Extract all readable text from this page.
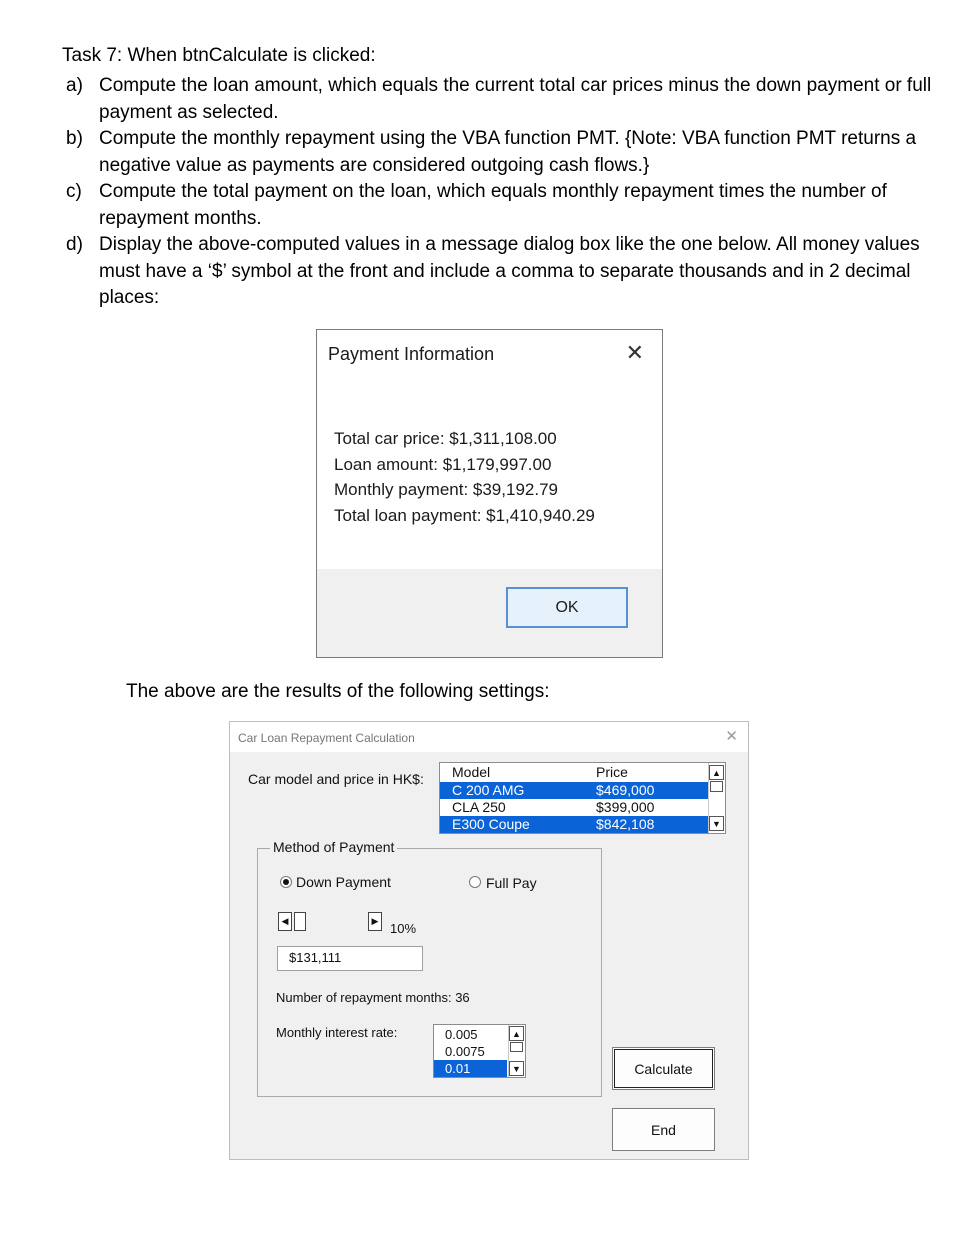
Task 7: When btnCalculate is clicked:
a) Compute the loan amount, which equals the current total car prices minus the down payment or full payment as selected.
b) Compute the monthly repayment using the VBA function PMT. {Note: VBA function PMT returns a negative value as payments are considered outgoing cash flows.}
c) Compute the total payment on the loan, which equals monthly repayment times the number of repayment months.
d) Display the above-computed values in a message dialog box like the one below. All money values must have a ‘$’ symbol at the front and include a comma to separate thousands and in 2 decimal places:
Payment Information	✕
Total car price: $1,311,108.00
Loan amount: $1,179,997.00
Monthly payment: $39,192.79
Total loan payment: $1,410,940.29
OK
The above are the results of the following settings:
Car Loan Repayment Calculation	✕
Car model and price in HK$: Model	Price
C 200 AMG	$469,000
CLA 250	$399,000
E300 Coupe	$842,108
▲
▼
Method of Payment
Down Payment	Full Pay
◀	▶ 10%
$131,111
Number of repayment months: 36
Monthly interest rate:	0.005
0.0075
0.01
▲
▼	Calculate
End
